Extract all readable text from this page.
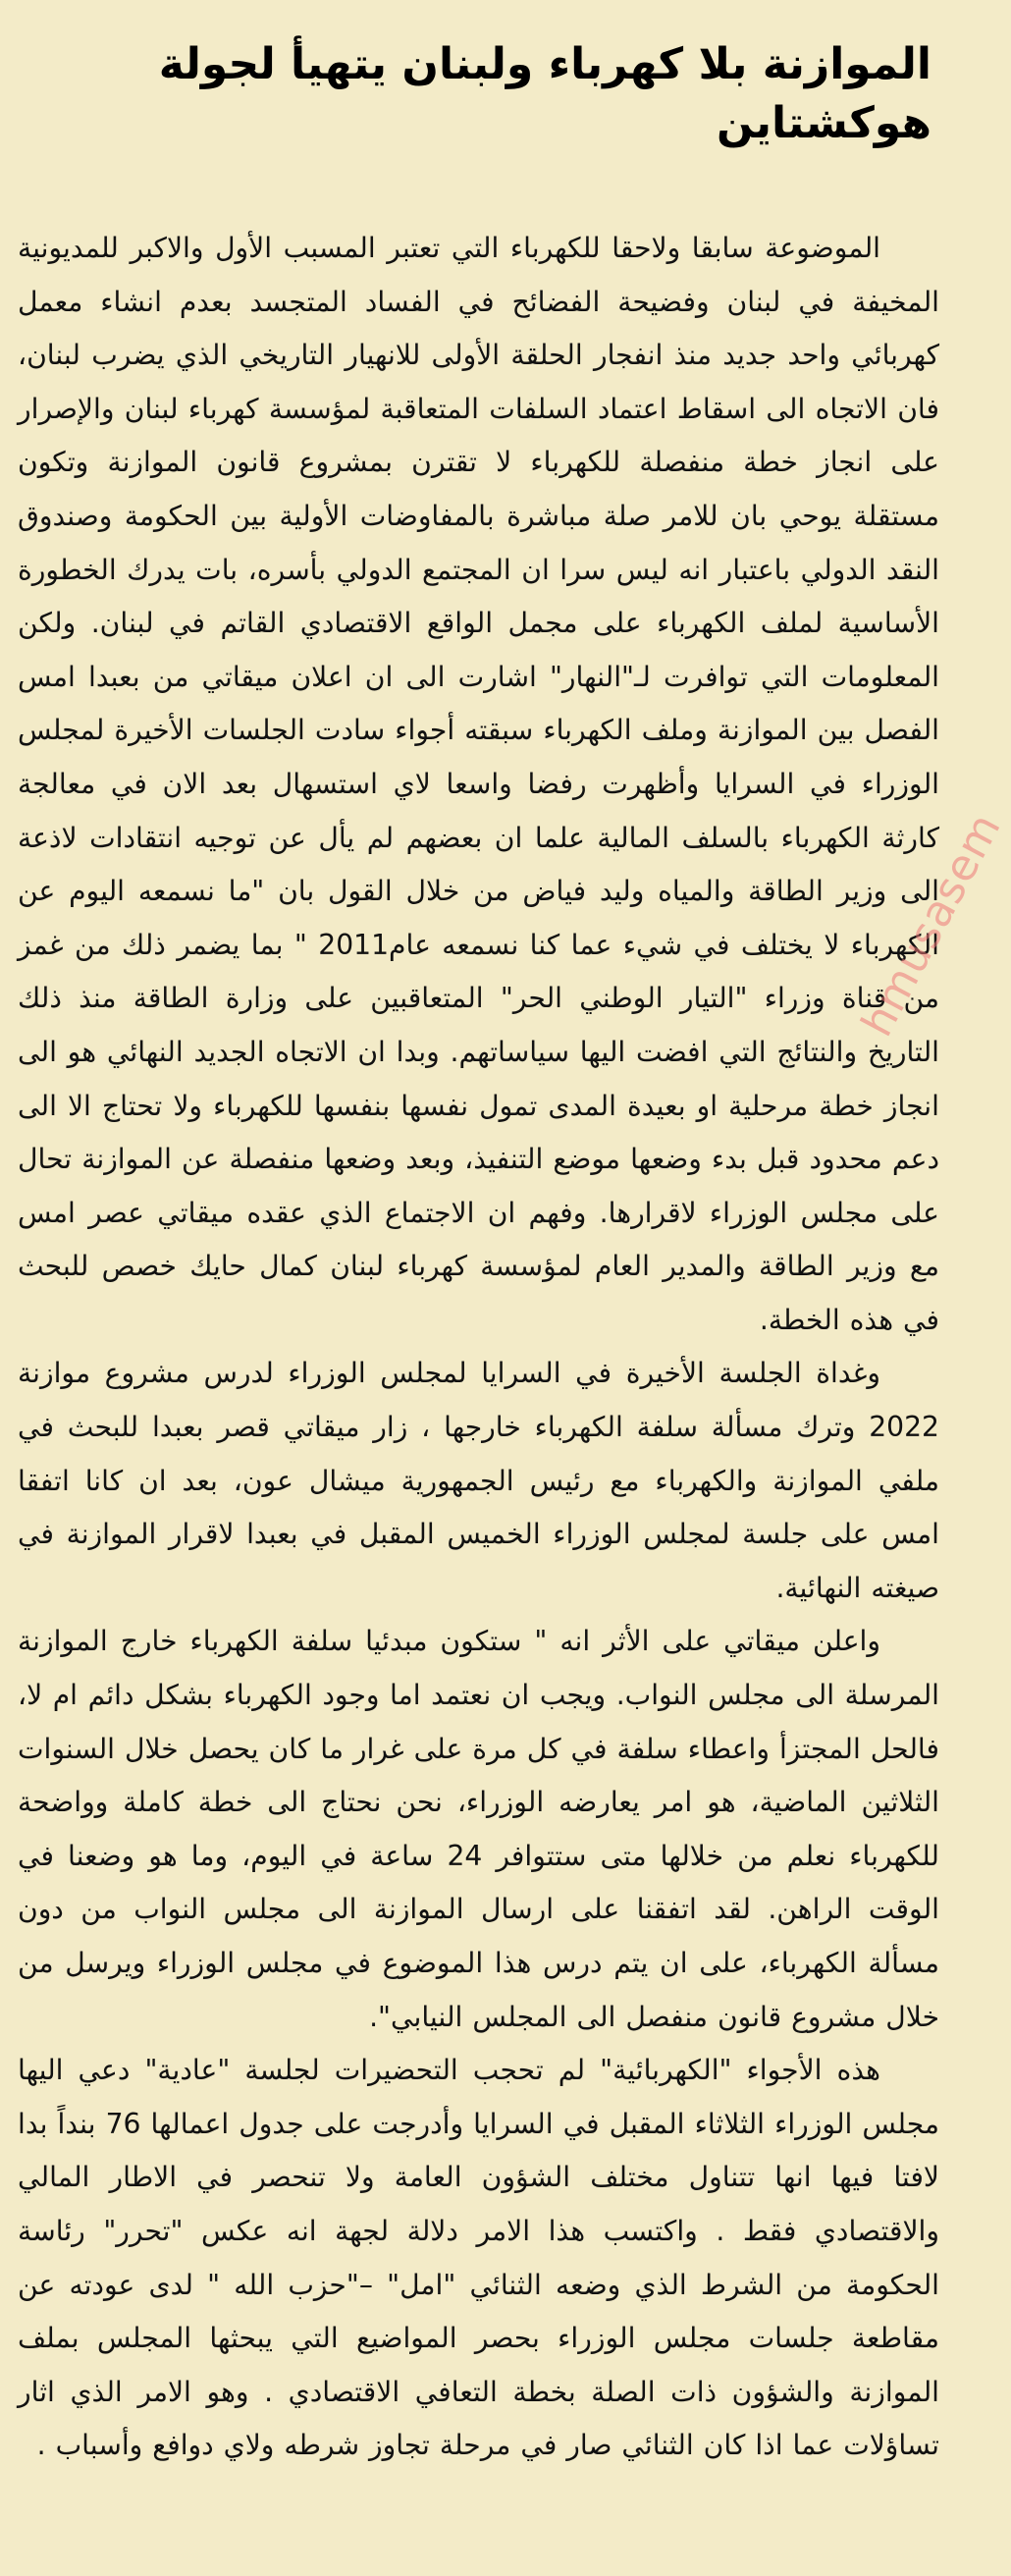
الموازنة بلا كهرباء ولبنان يتهيأ لجولة هوكشتاين

الموضوعة سابقا ولاحقا للكهرباء التي تعتبر المسبب الأول والاكبر للمديونية المخيفة في لبنان وفضيحة الفضائح في الفساد المتجسد بعدم انشاء معمل كهربائي واحد جديد منذ انفجار الحلقة الأولى للانهيار التاريخي الذي يضرب لبنان، فان الاتجاه الى اسقاط اعتماد السلفات المتعاقبة لمؤسسة كهرباء لبنان والإصرار على انجاز خطة منفصلة للكهرباء لا تقترن بمشروع قانون الموازنة وتكون مستقلة يوحي بان للامر صلة مباشرة بالمفاوضات الأولية بين الحكومة وصندوق النقد الدولي باعتبار انه ليس سرا ان المجتمع الدولي بأسره، بات يدرك الخطورة الأساسية لملف الكهرباء على مجمل الواقع الاقتصادي القاتم في لبنان. ولكن المعلومات التي توافرت لـ"النهار" اشارت الى ان اعلان ميقاتي من بعبدا امس الفصل بين الموازنة وملف الكهرباء سبقته أجواء سادت الجلسات الأخيرة لمجلس الوزراء في السرايا وأظهرت رفضا واسعا لاي استسهال بعد الان في معالجة كارثة الكهرباء بالسلف المالية علما ان بعضهم لم يأل عن توجيه انتقادات لاذعة الى وزير الطاقة والمياه وليد فياض من خلال القول بان "ما نسمعه اليوم عن الكهرباء لا يختلف في شيء عما كنا نسمعه عام2011 " بما يضمر ذلك من غمز من قناة وزراء "التيار الوطني الحر" المتعاقبين على وزارة الطاقة منذ ذلك التاريخ والنتائج التي افضت اليها سياساتهم. وبدا ان الاتجاه الجديد النهائي هو الى انجاز خطة مرحلية او بعيدة المدى تمول نفسها بنفسها للكهرباء ولا تحتاج الا الى دعم محدود قبل بدء وضعها موضع التنفيذ، وبعد وضعها منفصلة عن الموازنة تحال على مجلس الوزراء لاقرارها. وفهم ان الاجتماع الذي عقده ميقاتي عصر امس مع وزير الطاقة والمدير العام لمؤسسة كهرباء لبنان كمال حايك خصص للبحث في هذه الخطة.

وغداة الجلسة الأخيرة في السرايا لمجلس الوزراء لدرس مشروع موازنة 2022 وترك مسألة سلفة الكهرباء خارجها ، زار ميقاتي قصر بعبدا للبحث في ملفي الموازنة والكهرباء مع رئيس الجمهورية ميشال عون، بعد ان كانا اتفقا امس على جلسة لمجلس الوزراء الخميس المقبل في بعبدا لاقرار الموازنة في صيغته النهائية.

واعلن ميقاتي على الأثر انه " ستكون مبدئيا سلفة الكهرباء خارج الموازنة المرسلة الى مجلس النواب. ويجب ان نعتمد اما وجود الكهرباء بشكل دائم ام لا، فالحل المجتزأ واعطاء سلفة في كل مرة على غرار ما كان يحصل خلال السنوات الثلاثين الماضية، هو امر يعارضه الوزراء، نحن نحتاج الى خطة كاملة وواضحة للكهرباء نعلم من خلالها متى ستتوافر 24 ساعة في اليوم، وما هو وضعنا في الوقت الراهن. لقد اتفقنا على ارسال الموازنة الى مجلس النواب من دون مسألة الكهرباء، على ان يتم درس هذا الموضوع في مجلس الوزراء ويرسل من خلال مشروع قانون منفصل الى المجلس النيابي".

هذه الأجواء "الكهربائية" لم تحجب التحضيرات لجلسة "عادية" دعي اليها مجلس الوزراء الثلاثاء المقبل في السرايا وأدرجت على جدول اعمالها 76 بنداً بدا لافتا فيها انها تتناول مختلف الشؤون العامة ولا تنحصر في الاطار المالي والاقتصادي فقط . واكتسب هذا الامر دلالة لجهة انه عكس "تحرر" رئاسة الحكومة من الشرط الذي وضعه الثنائي "امل" –"حزب الله " لدى عودته عن مقاطعة جلسات مجلس الوزراء بحصر المواضيع التي يبحثها المجلس بملف الموازنة والشؤون ذات الصلة بخطة التعافي الاقتصادي . وهو الامر الذي اثار تساؤلات عما اذا كان الثنائي صار في مرحلة تجاوز شرطه ولاي دوافع وأسباب .

hmusasem
